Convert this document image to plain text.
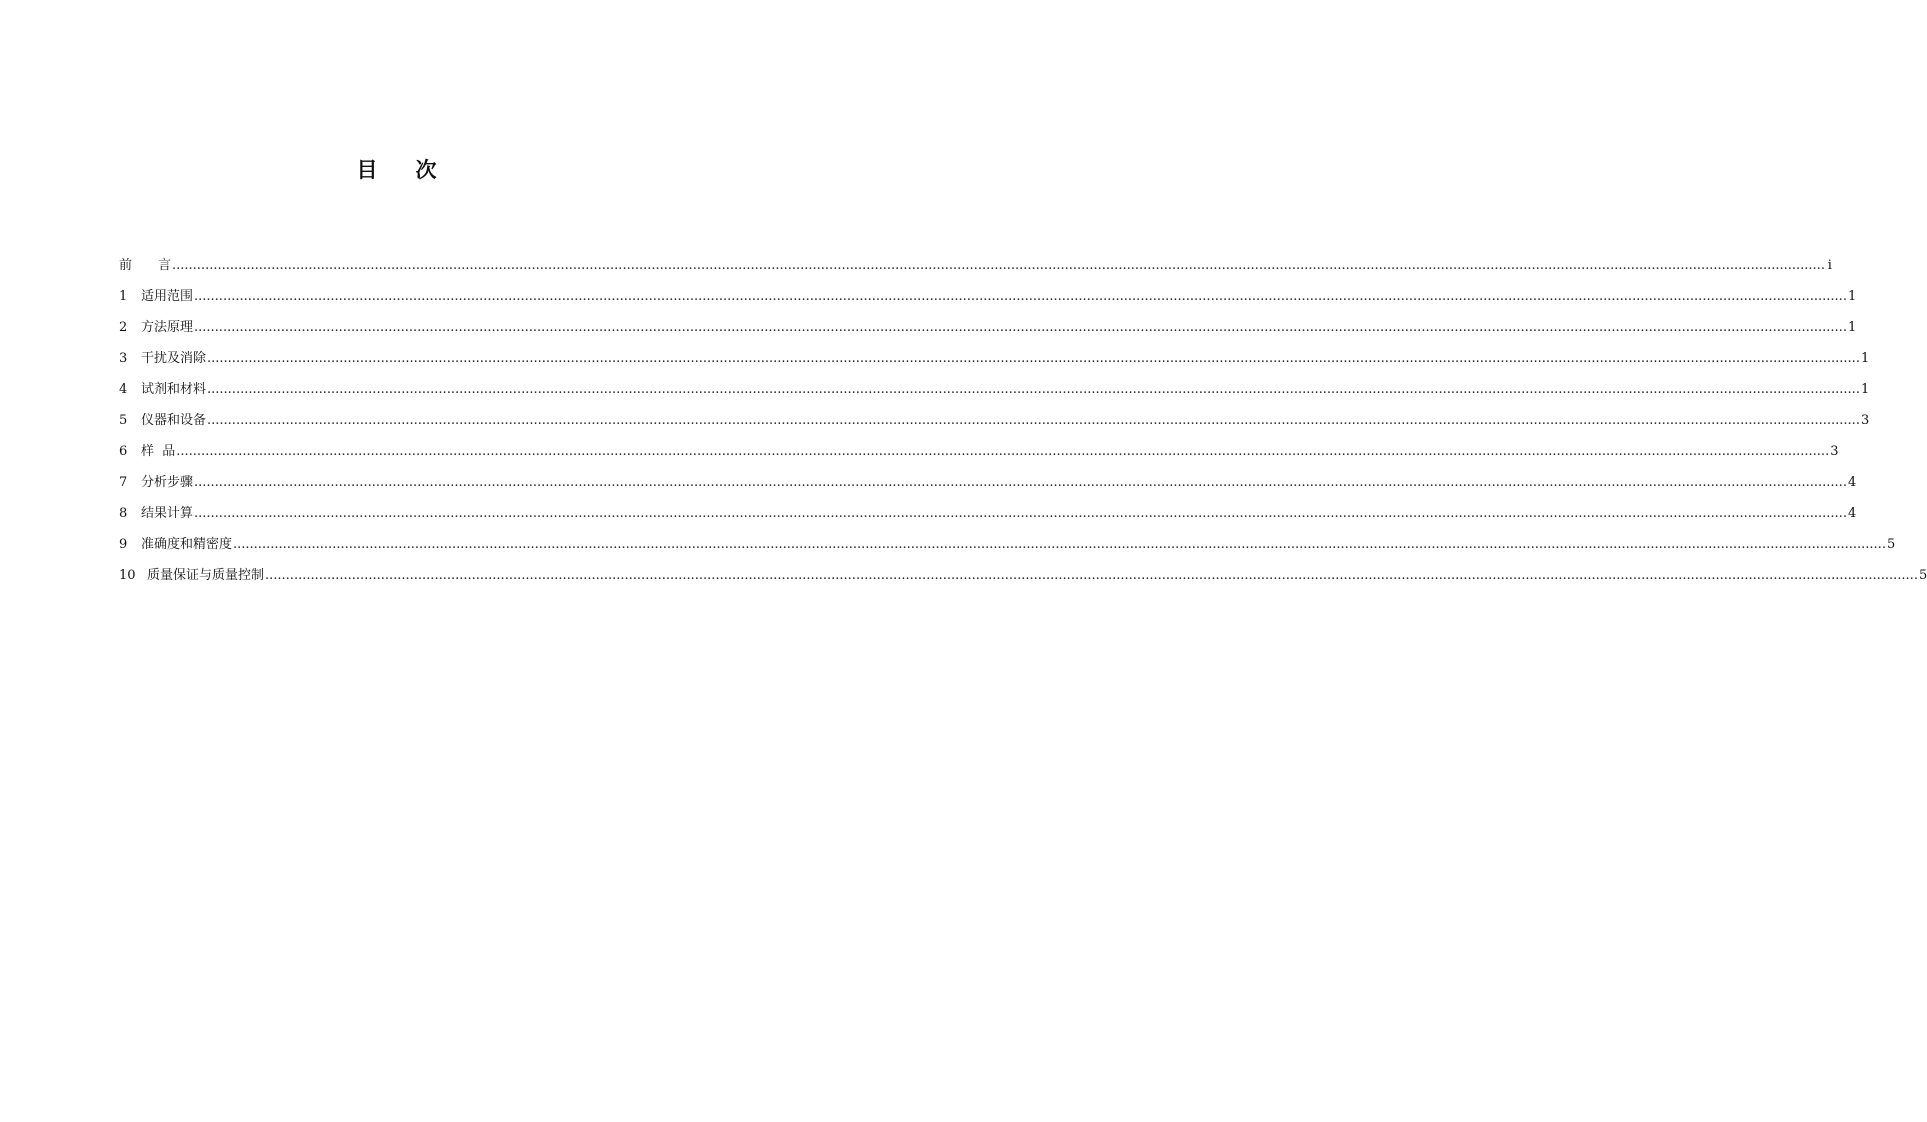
目 次
前　　言 ................................................................................................................................................................................................................................................................................................................................................................................................................ i
1	适用范围 ................................................................................................................................................................................................................................................................................................................................................................................................................ 1
2	方法原理 ................................................................................................................................................................................................................................................................................................................................................................................................................ 1
3	干扰及消除 ................................................................................................................................................................................................................................................................................................................................................................................................................ 1
4	试剂和材料 ................................................................................................................................................................................................................................................................................................................................................................................................................ 1
5	仪器和设备 ................................................................................................................................................................................................................................................................................................................................................................................................................ 3
6	样  品 ................................................................................................................................................................................................................................................................................................................................................................................................................ 3
7	分析步骤 ................................................................................................................................................................................................................................................................................................................................................................................................................ 4
8	结果计算 ................................................................................................................................................................................................................................................................................................................................................................................................................ 4
9	准确度和精密度 ................................................................................................................................................................................................................................................................................................................................................................................................................ 5
10 质量保证与质量控制 ................................................................................................................................................................................................................................................................................................................................................................................................................ 5
